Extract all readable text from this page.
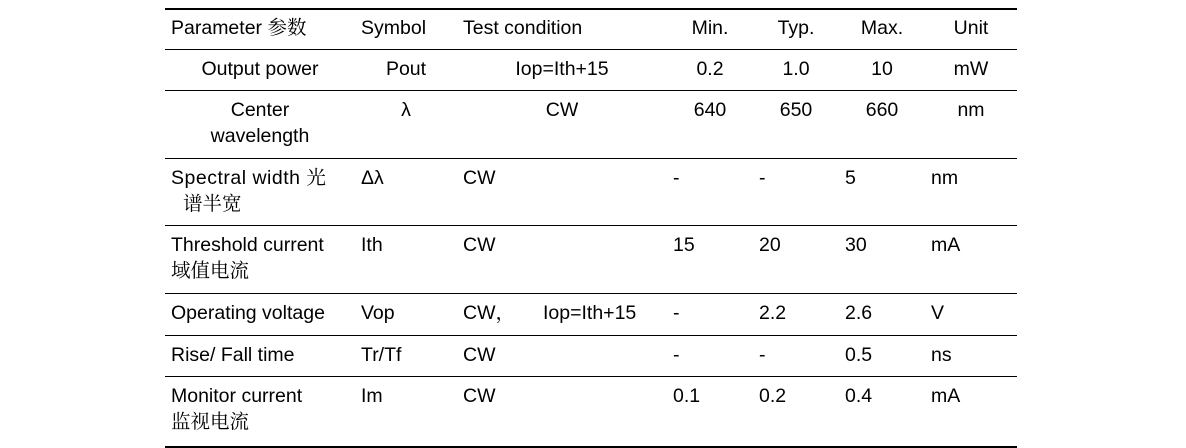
Parameter 参数	Symbol	Test condition	Min.	Typ.	Max.	Unit

Output power	Pout	Iop=Ith+15	0.2	1.0	10	mW

Center
wavelength	λ	CW	640	650	660	nm

Spectral width 光
谱半宽	Δλ	CW	-	-	5	nm

Threshold current
域值电流	Ith	CW	15	20	30	mA

Operating voltage	Vop	CW， Iop=Ith+15	-	2.2	2.6	V

Rise/ Fall time	Tr/Tf	CW	-	-	0.5	ns

Monitor current
监视电流	Im	CW	0.1	0.2	0.4	mA
